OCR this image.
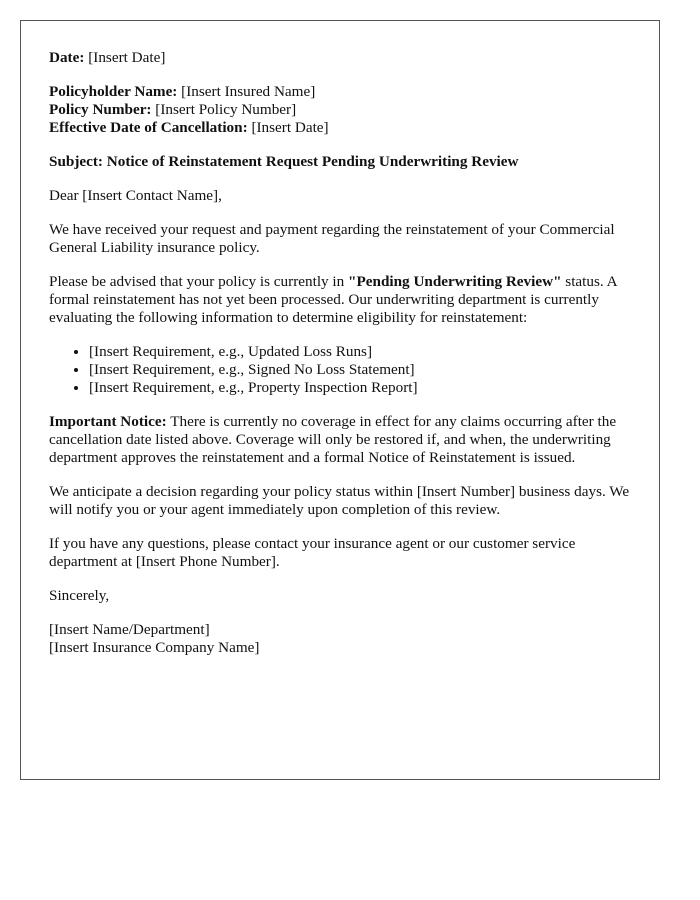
Date: [Insert Date]

Policyholder Name: [Insert Insured Name]

Policy Number: [Insert Policy Number]

Effective Date of Cancellation: [Insert Date]

Subject: Notice of Reinstatement Request Pending Underwriting Review

Dear [Insert Contact Name],

We have received your request and payment regarding the reinstatement of your Commercial General Liability insurance policy.

Please be advised that your policy is currently in "Pending Underwriting Review" status. A formal reinstatement has not yet been processed. Our underwriting department is currently evaluating the following information to determine eligibility for reinstatement:

• [Insert Requirement, e.g., Updated Loss Runs]
• [Insert Requirement, e.g., Signed No Loss Statement]
• [Insert Requirement, e.g., Property Inspection Report]

Important Notice: There is currently no coverage in effect for any claims occurring after the cancellation date listed above. Coverage will only be restored if, and when, the underwriting department approves the reinstatement and a formal Notice of Reinstatement is issued.

We anticipate a decision regarding your policy status within [Insert Number] business days. We will notify you or your agent immediately upon completion of this review.

If you have any questions, please contact your insurance agent or our customer service department at [Insert Phone Number].

Sincerely,

[Insert Name/Department]

[Insert Insurance Company Name]
